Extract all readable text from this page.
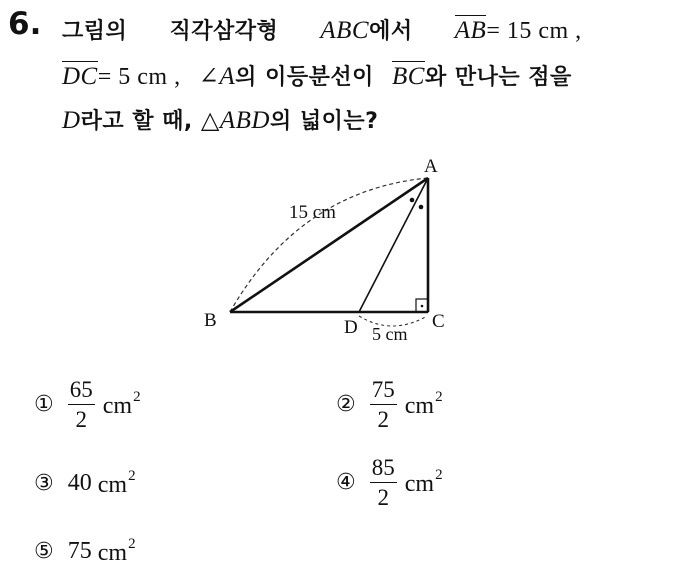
6. 그림의 직각삼각형 ABC에서 AB= 15 cm ,
DC= 5 cm , ∠A의 이등분선이 BC와 만나는 점을
D라고 할 때, △ABD의 넓이는?
A
B	C
D
15 cm
5 cm
① $\frac{65}{2} cm^2$	② $\frac{75}{2} cm^2$
③ 40 $cm^2$	④ $\frac{85}{2} cm^2$
⑤ 75 $cm^2$
